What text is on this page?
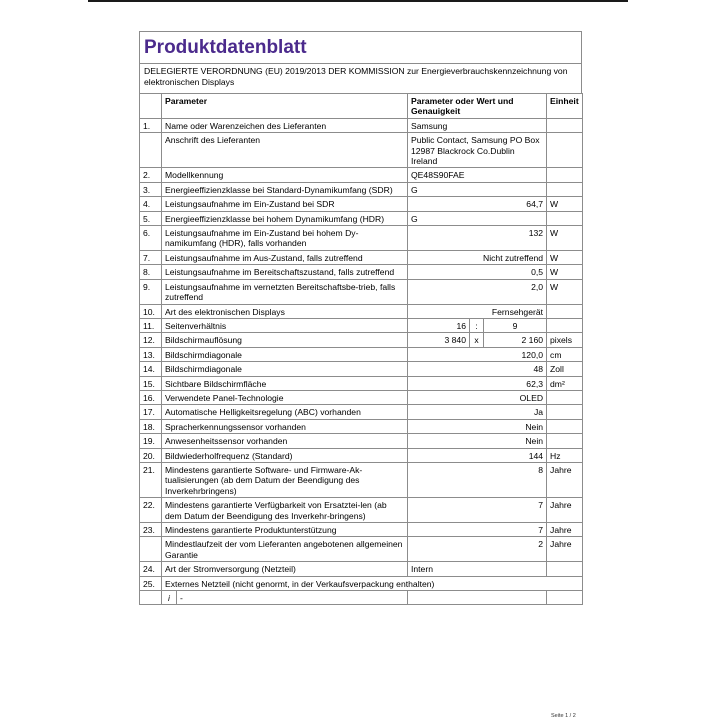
Produktdatenblatt
DELEGIERTE VERORDNUNG (EU) 2019/2013 DER KOMMISSION zur Energieverbrauchskennzeichnung von elektronischen Displays
	Parameter	Parameter oder Wert und Genauigkeit	Einheit
1.	Name oder Warenzeichen des Lieferanten	Samsung	
	Anschrift des Lieferanten	Public Contact, Samsung PO Box 12987 Blackrock Co.Dublin Ireland	
2.	Modellkennung	QE48S90FAE	
3.	Energieeffizienzklasse bei Standard-Dynamikumfang (SDR)	G	
4.	Leistungsaufnahme im Ein-Zustand bei SDR	64,7	W
5.	Energieeffizienzklasse bei hohem Dynamikumfang (HDR)	G	
6.	Leistungsaufnahme im Ein-Zustand bei hohem Dy-namikumfang (HDR), falls vorhanden	132	W
7.	Leistungsaufnahme im Aus-Zustand, falls zutreffend	Nicht zutreffend	W
8.	Leistungsaufnahme im Bereitschaftszustand, falls zutreffend	0,5	W
9.	Leistungsaufnahme im vernetzten Bereitschaftsbe-trieb, falls zutreffend	2,0	W
10.	Art des elektronischen Displays	Fernsehgerät	
11.	Seitenverhältnis	16	:	9	
12.	Bildschirmauflösung	3 840	x	2 160	pixels
13.	Bildschirmdiagonale	120,0	cm
14.	Bildschirmdiagonale	48	Zoll
15.	Sichtbare Bildschirmfläche	62,3	dm²
16.	Verwendete Panel-Technologie	OLED	
17.	Automatische Helligkeitsregelung (ABC) vorhanden	Ja	
18.	Spracherkennungssensor vorhanden	Nein	
19.	Anwesenheitssensor vorhanden	Nein	
20.	Bildwiederholfrequenz (Standard)	144	Hz
21.	Mindestens garantierte Software- und Firmware-Ak-tualisierungen (ab dem Datum der Beendigung des Inverkehrbringens)	8	Jahre
22.	Mindestens garantierte Verfügbarkeit von Ersatztei-len (ab dem Datum der Beendigung des Inverkehr-bringens)	7	Jahre
23.	Mindestens garantierte Produktunterstützung	7	Jahre
	Mindestlaufzeit der vom Lieferanten angebotenen allgemeinen Garantie	2	Jahre
24.	Art der Stromversorgung (Netzteil)	Intern	
25.	Externes Netzteil (nicht genormt, in der Verkaufsverpackung enthalten)

i	-

Seite 1 / 2
